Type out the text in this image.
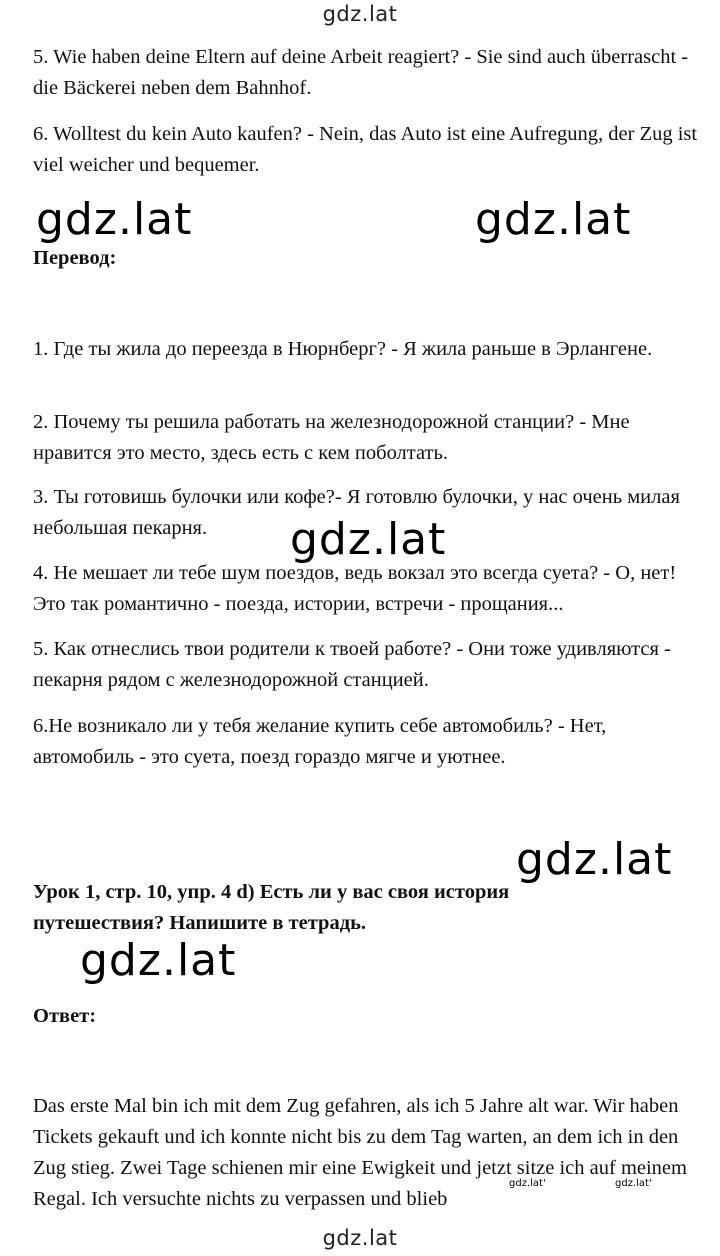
gdz.lat

5. Wie haben deine Eltern auf deine Arbeit reagiert? - Sie sind auch überrascht - die Bäckerei neben dem Bahnhof.

6. Wolltest du kein Auto kaufen? - Nein, das Auto ist eine Aufregung, der Zug ist viel weicher und bequemer.

gdz.lat	gdz.lat

Перевод:

1. Где ты жила до переезда в Нюрнберг? - Я жила раньше в Эрлангене.

2. Почему ты решила работать на железнодорожной станции? - Мне нравится это место, здесь есть с кем поболтать.

3. Ты готовишь булочки или кофе?- Я готовлю булочки, у нас очень милая небольшая пекарня.	gdz.lat

4. Не мешает ли тебе шум поездов, ведь вокзал это всегда суета? - О, нет! Это так романтично - поезда, истории, встречи - прощания...

5. Как отнеслись твои родители к твоей работе? - Они тоже удивляются - пекарня рядом с железнодорожной станцией.

6.Не возникало ли у тебя желание купить себе автомобиль? - Нет, автомобиль - это суета, поезд гораздо мягче и уютнее.

gdz.lat

Урок 1, стр. 10, упр. 4 d) Есть ли у вас своя история путешествия? Напишите в тетрадь.

gdz.lat

Ответ:

Das erste Mal bin ich mit dem Zug gefahren, als ich 5 Jahre alt war. Wir haben Tickets gekauft und ich konnte nicht bis zu dem Tag warten, an dem ich in den Zug stieg. Zwei Tage schienen mir eine Ewigkeit und jetzt sitze ich auf meinem Regal. Ich versuchte nichts zu verpassen und blieb

gdz.lat'	gdz.lat'
gdz.lat
